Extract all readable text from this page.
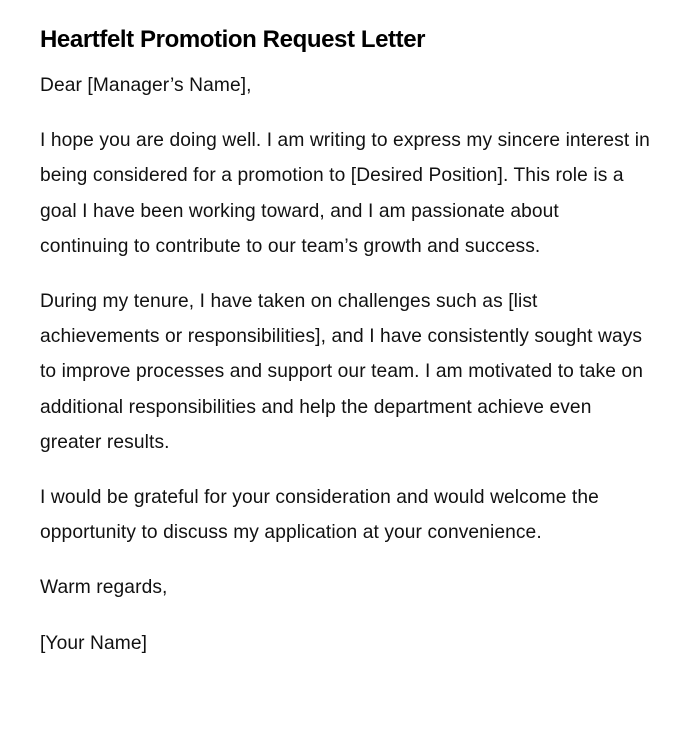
Heartfelt Promotion Request Letter

Dear [Manager’s Name],

I hope you are doing well. I am writing to express my sincere interest in being considered for a promotion to [Desired Position]. This role is a goal I have been working toward, and I am passionate about continuing to contribute to our team’s growth and success.

During my tenure, I have taken on challenges such as [list achievements or responsibilities], and I have consistently sought ways to improve processes and support our team. I am motivated to take on additional responsibilities and help the department achieve even greater results.

I would be grateful for your consideration and would welcome the opportunity to discuss my application at your convenience.

Warm regards,

[Your Name]
